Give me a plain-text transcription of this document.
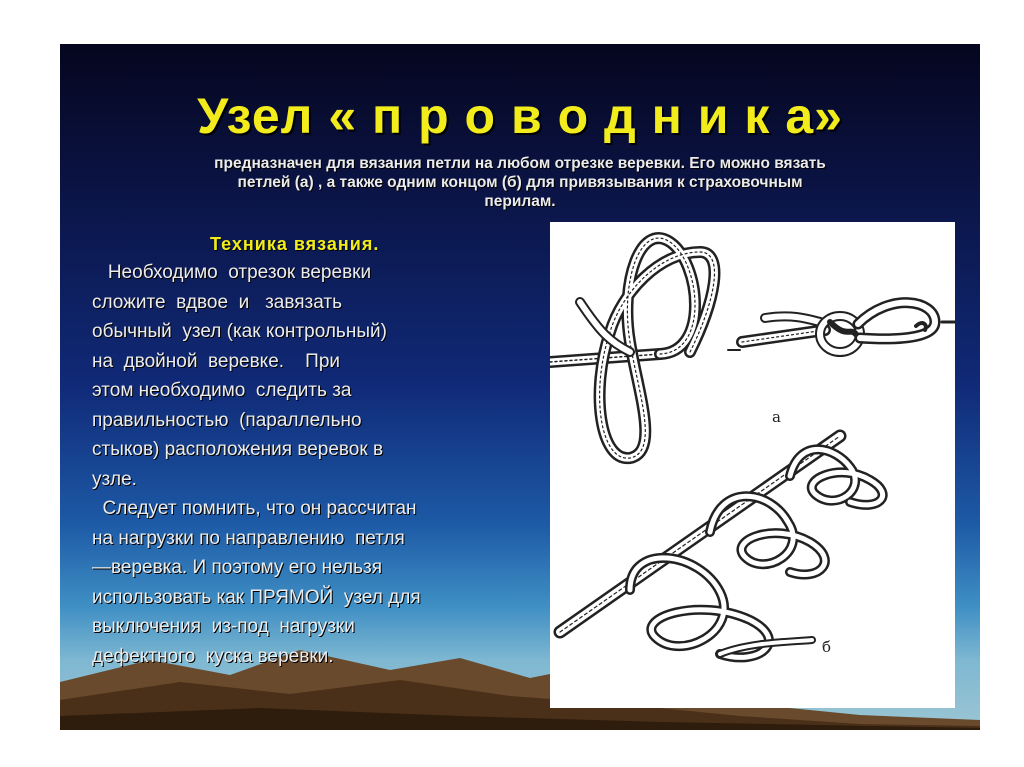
Узел « п р о в о д н и к а»
предназначен для вязания петли на любом отрезке веревки. Его можно вязать
петлей (а) , а также одним концом (б) для привязывания к страховочным
перилам.
Техника вязания.
Необходимо  отрезок веревки
сложите  вдвое  и   завязать
обычный  узел (как контрольный)
на  двойной  веревке.    При
этом необходимо  следить за
правильностью  (параллельно
стыков) расположения веревок в
узле.
Следует помнить, что он рассчитан
на нагрузки по направлению  петля
—веревка. И поэтому его нельзя
использовать как ПРЯМОЙ  узел для
выключения  из-под  нагрузки
дефектного  куска веревки.
а
б
